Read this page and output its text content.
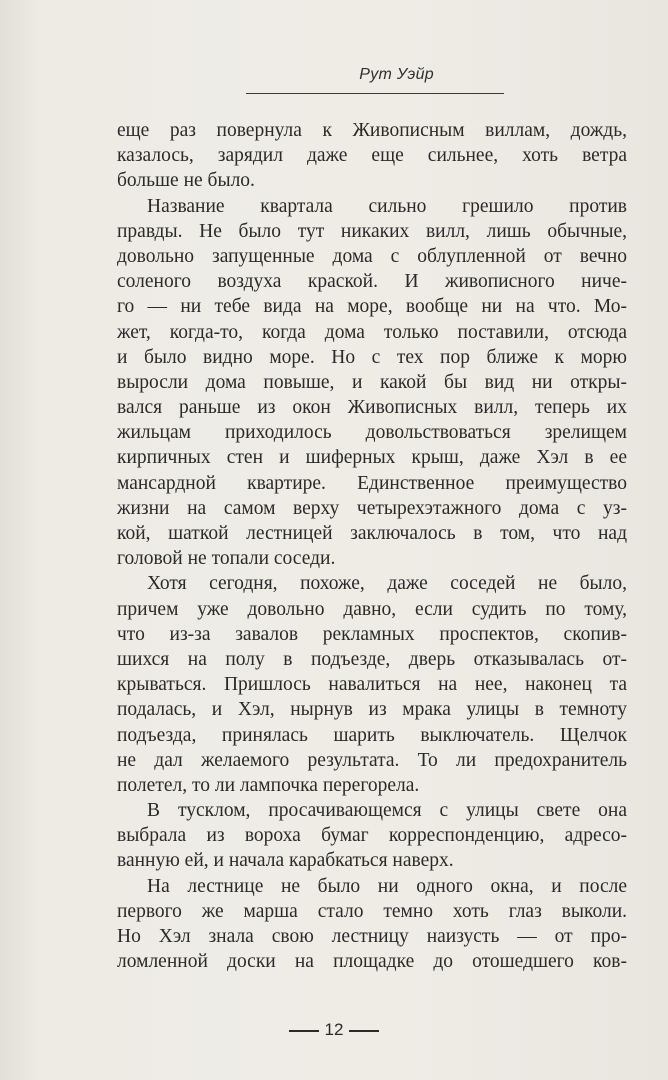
Рут Уэйр
еще раз повернула к Живописным виллам, дождь,
казалось, зарядил даже еще сильнее, хоть ветра
больше не было.
Название квартала сильно грешило против
правды. Не было тут никаких вилл, лишь обычные,
довольно запущенные дома с облупленной от вечно
соленого воздуха краской. И живописного ниче-
го — ни тебе вида на море, вообще ни на что. Мо-
жет, когда-то, когда дома только поставили, отсюда
и было видно море. Но с тех пор ближе к морю
выросли дома повыше, и какой бы вид ни откры-
вался раньше из окон Живописных вилл, теперь их
жильцам приходилось довольствоваться зрелищем
кирпичных стен и шиферных крыш, даже Хэл в ее
мансардной квартире. Единственное преимущество
жизни на самом верху четырехэтажного дома с уз-
кой, шаткой лестницей заключалось в том, что над
головой не топали соседи.
Хотя сегодня, похоже, даже соседей не было,
причем уже довольно давно, если судить по тому,
что из-за завалов рекламных проспектов, скопив-
шихся на полу в подъезде, дверь отказывалась от-
крываться. Пришлось навалиться на нее, наконец та
подалась, и Хэл, нырнув из мрака улицы в темноту
подъезда, принялась шарить выключатель. Щелчок
не дал желаемого результата. То ли предохранитель
полетел, то ли лампочка перегорела.
В тусклом, просачивающемся с улицы свете она
выбрала из вороха бумаг корреспонденцию, адресо-
ванную ей, и начала карабкаться наверх.
На лестнице не было ни одного окна, и после
первого же марша стало темно хоть глаз выколи.
Но Хэл знала свою лестницу наизусть — от про-
ломленной доски на площадке до отошедшего ков-
12
